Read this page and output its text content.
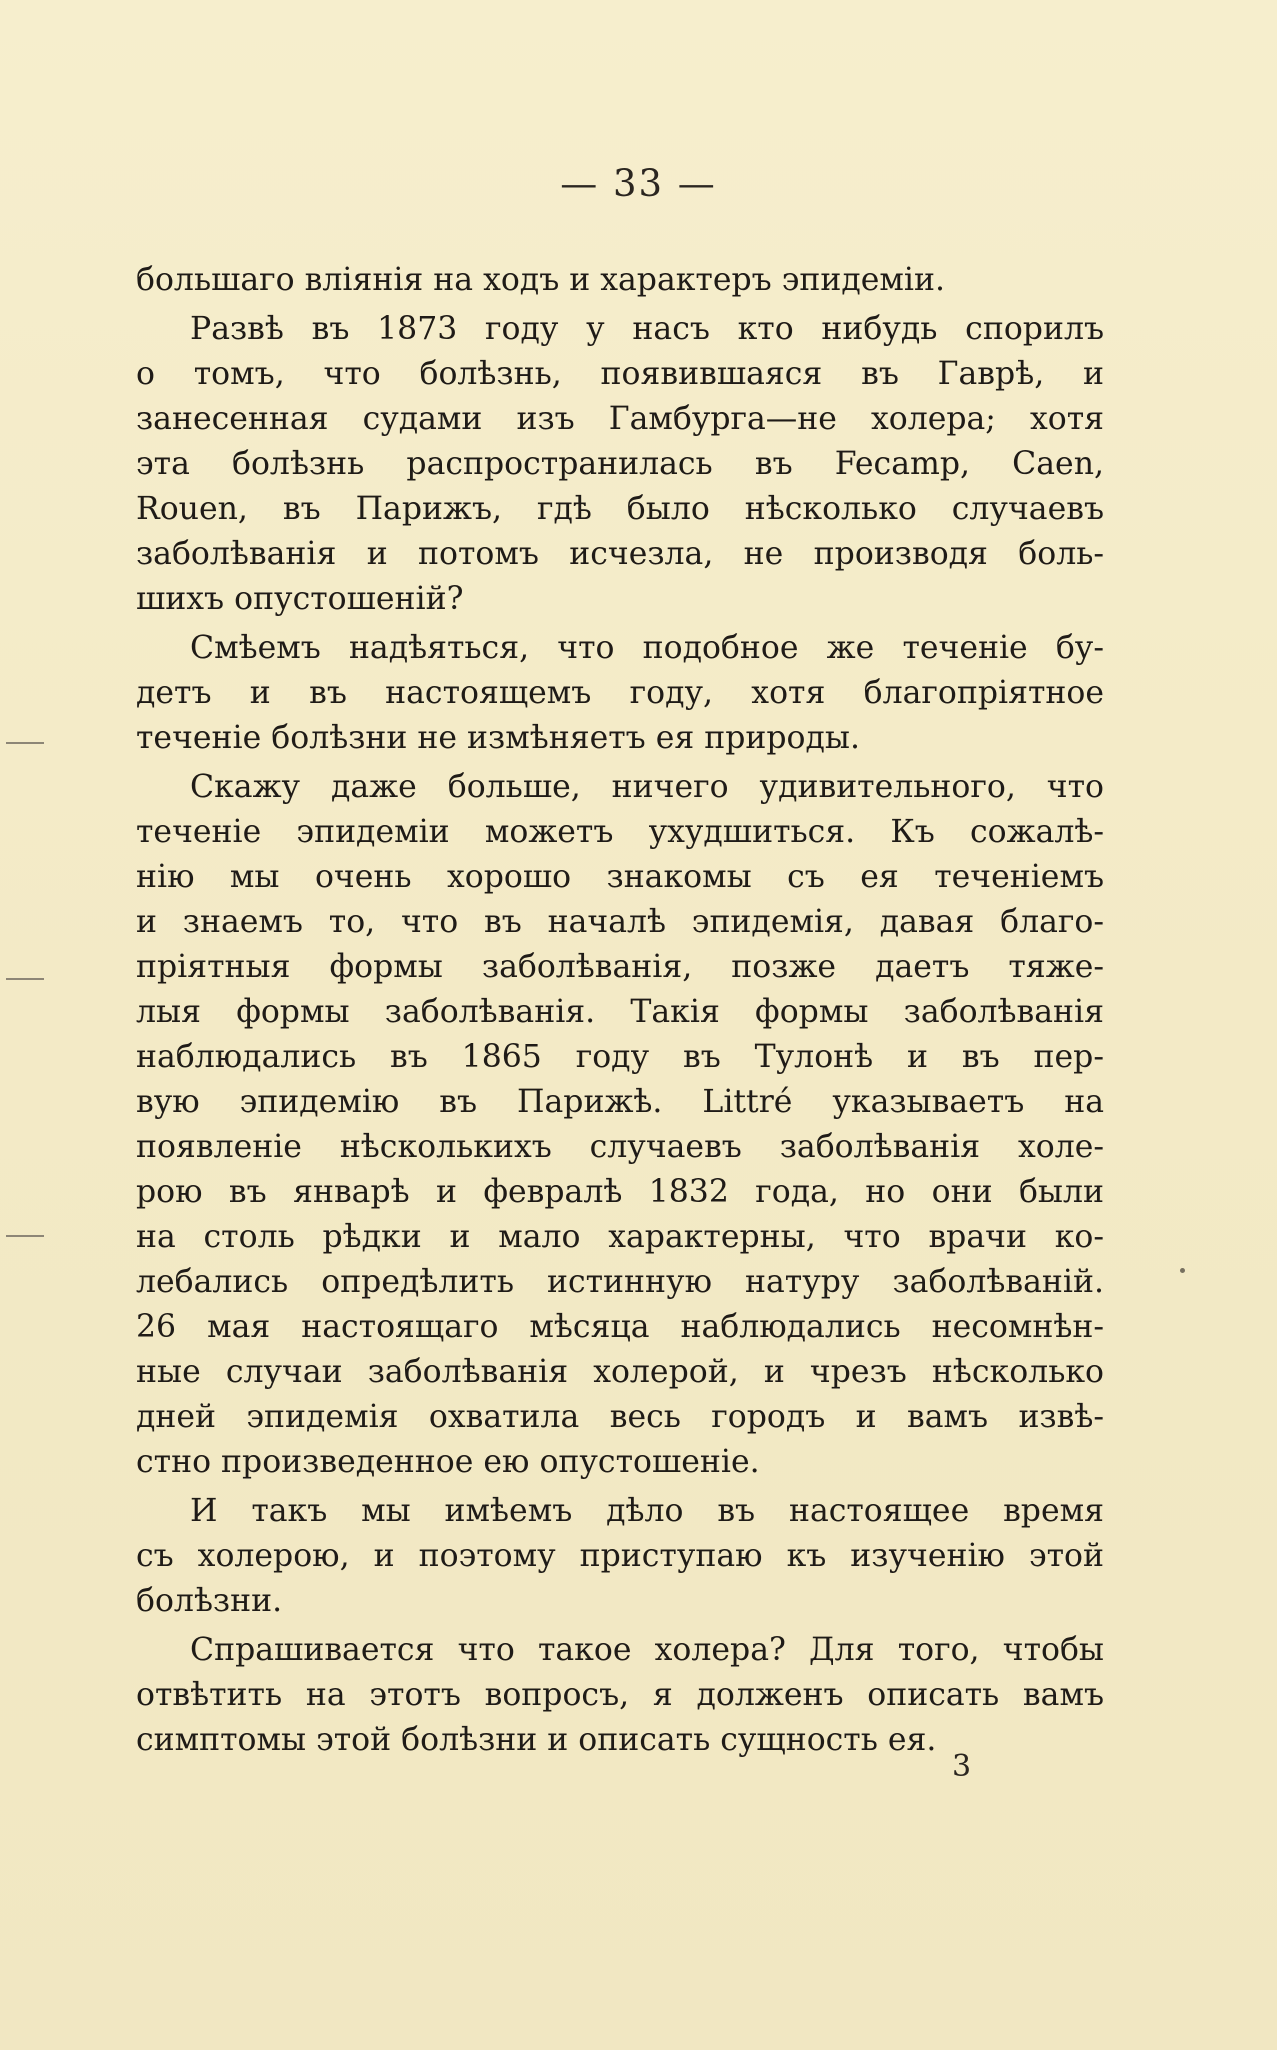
— 33 —
большаго вліянія на ходъ и характеръ эпидеміи.
Развѣ въ 1873 году у насъ кто нибудь спорилъ
о томъ, что болѣзнь, появившаяся въ Гаврѣ, и
занесенная судами изъ Гамбурга—не холера; хотя
эта болѣзнь распространилась въ Fecamp, Caen,
Rouen, въ Парижъ, гдѣ было нѣсколько случаевъ
заболѣванія и потомъ исчезла, не производя боль-
шихъ опустошеній?
Смѣемъ надѣяться, что подобное же теченіе бу-
детъ и въ настоящемъ году, хотя благопріятное
теченіе болѣзни не измѣняетъ ея природы.
Скажу даже больше, ничего удивительного, что
теченіе эпидеміи можетъ ухудшиться. Къ сожалѣ-
нію мы очень хорошо знакомы съ ея теченіемъ
и знаемъ то, что въ началѣ эпидемія, давая благо-
пріятныя формы заболѣванія, позже даетъ тяже-
лыя формы заболѣванія. Такія формы заболѣванія
наблюдались въ 1865 году въ Тулонѣ и въ пер-
вую эпидемію въ Парижѣ. Littré указываетъ на
появленіе нѣсколькихъ случаевъ заболѣванія холе-
рою въ январѣ и февралѣ 1832 года, но они были
на столь рѣдки и мало характерны, что врачи ко-
лебались опредѣлить истинную натуру заболѣваній.
26 мая настоящаго мѣсяца наблюдались несомнѣн-
ные случаи заболѣванія холерой, и чрезъ нѣсколько
дней эпидемія охватила весь городъ и вамъ извѣ-
стно произведенное ею опустошеніе.
И такъ мы имѣемъ дѣло въ настоящее время
съ холерою, и поэтому приступаю къ изученію этой
болѣзни.
Спрашивается что такое холера? Для того, чтобы
отвѣтить на этотъ вопросъ, я долженъ описать вамъ
симптомы этой болѣзни и описать сущность ея.
3
